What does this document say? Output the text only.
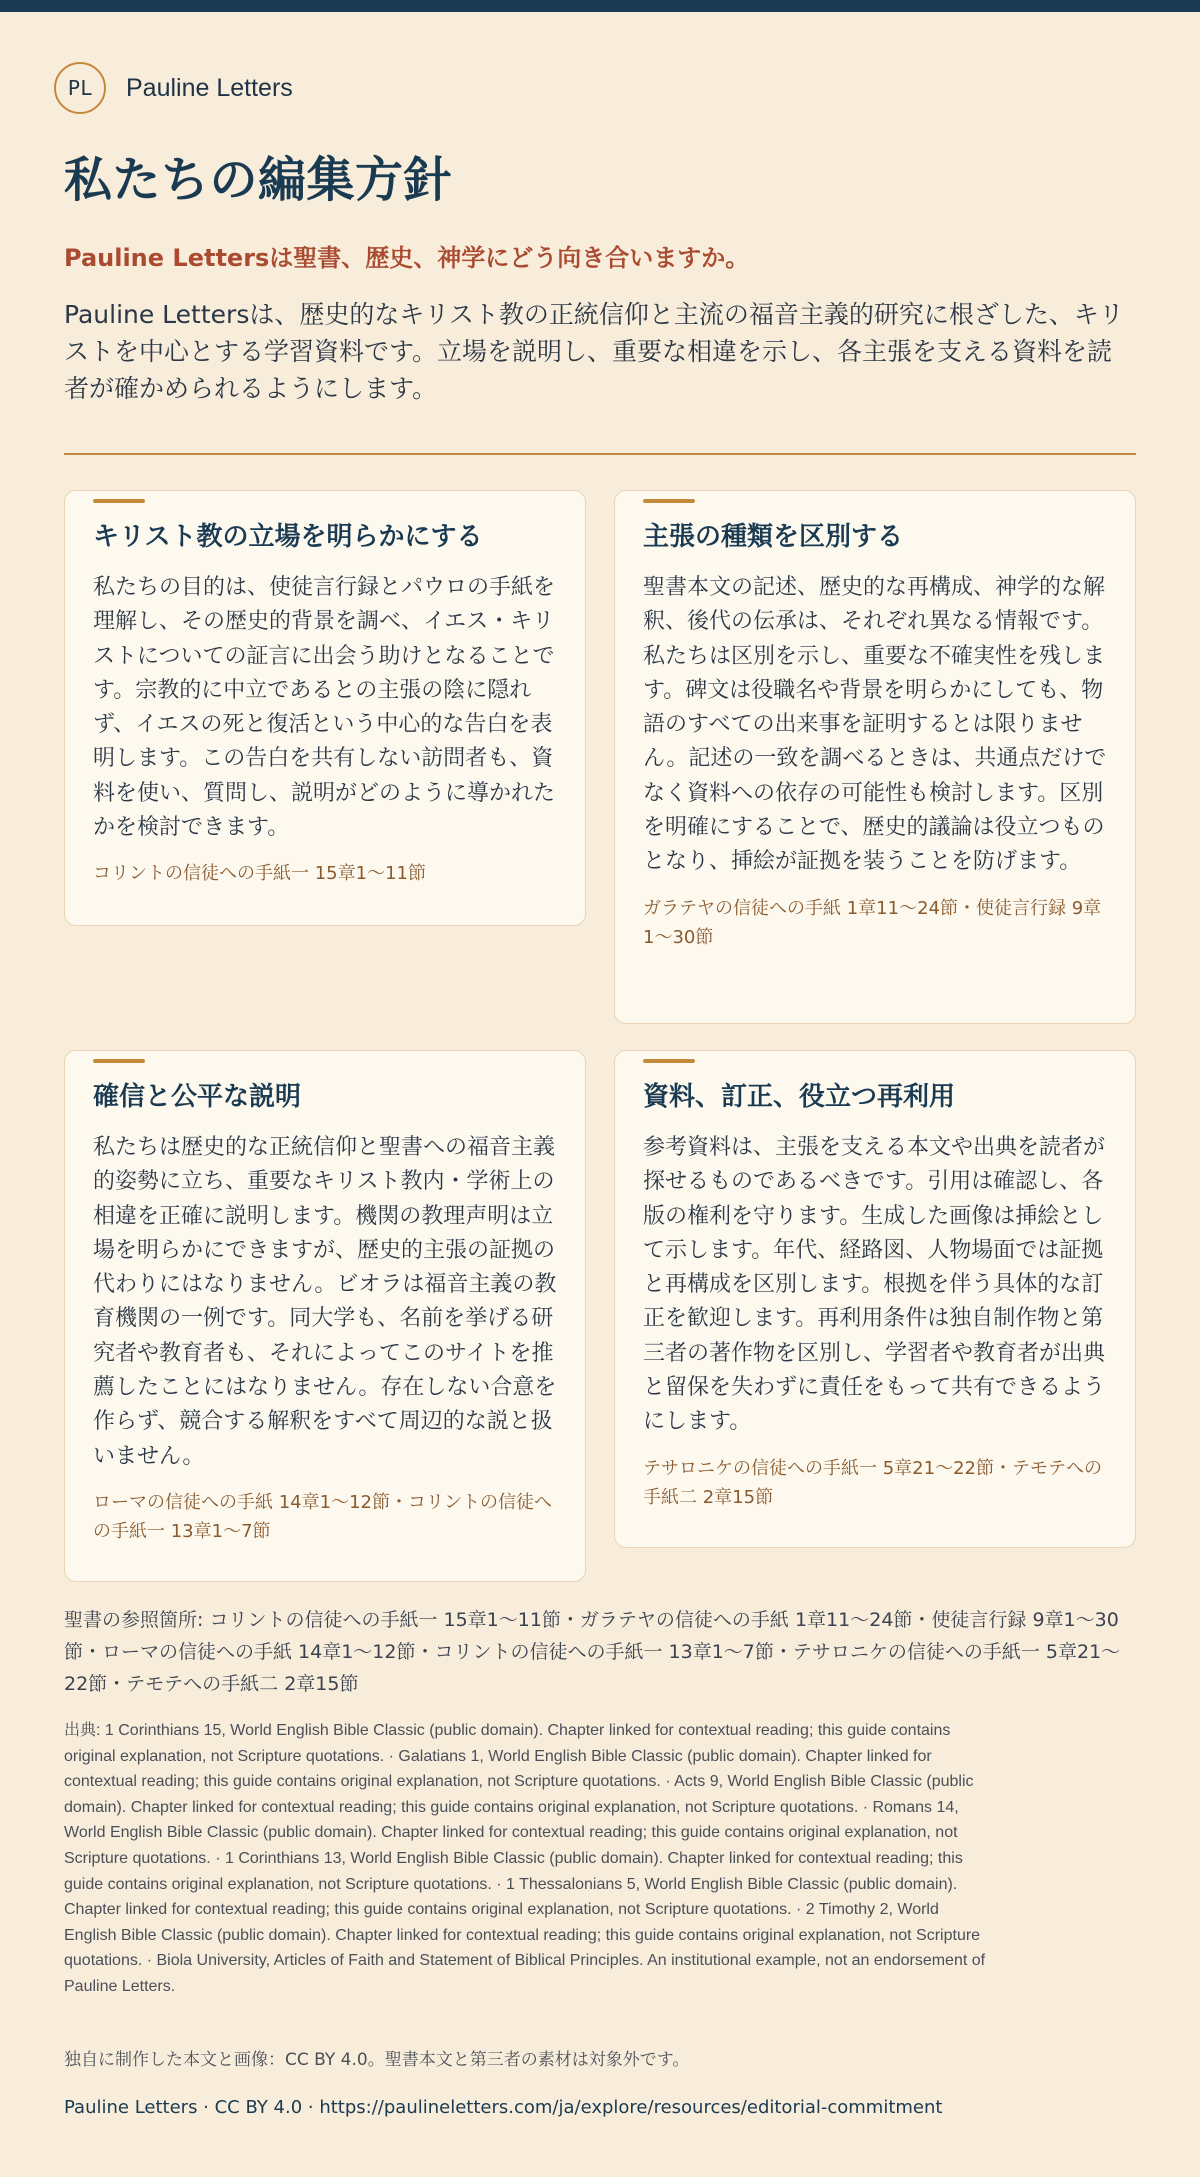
PL	Pauline Letters
私たちの編集方針
Pauline Lettersは聖書、歴史、神学にどう向き合いますか。

Pauline Lettersは、歴史的なキリスト教の正統信仰と主流の福音主義的研究に根ざした、キリストを中心とする学習資料です。立場を説明し、重要な相違を示し、各主張を支える資料を読者が確かめられるようにします。

聖書の参照箇所: コリントの信徒への手紙一 15章1〜11節・ガラテヤの信徒への手紙 1章11〜24節・使徒言行録 9章1〜30節・ローマの信徒への手紙 14章1〜12節・コリントの信徒への手紙一 13章1〜7節・テサロニケの信徒への手紙一 5章21〜22節・テモテへの手紙二 2章15節
出典: 1 Corinthians 15, World English Bible Classic (public domain). Chapter linked for contextual reading; this guide contains original explanation, not Scripture quotations. · Galatians 1, World English Bible Classic (public domain). Chapter linked for contextual reading; this guide contains original explanation, not Scripture quotations. · Acts 9, World English Bible Classic (public domain). Chapter linked for contextual reading; this guide contains original explanation, not Scripture quotations. · Romans 14, World English Bible Classic (public domain). Chapter linked for contextual reading; this guide contains original explanation, not Scripture quotations. · 1 Corinthians 13, World English Bible Classic (public domain). Chapter linked for contextual reading; this guide contains original explanation, not Scripture quotations. · 1 Thessalonians 5, World English Bible Classic (public domain). Chapter linked for contextual reading; this guide contains original explanation, not Scripture quotations. · 2 Timothy 2, World English Bible Classic (public domain). Chapter linked for contextual reading; this guide contains original explanation, not Scripture quotations. · Biola University, Articles of Faith and Statement of Biblical Principles. An institutional example, not an endorsement of Pauline Letters.
独自に制作した本文と画像：CC BY 4.0。聖書本文と第三者の素材は対象外です。
Pauline Letters · CC BY 4.0 · https://paulineletters.com/ja/explore/resources/editorial-commitment
キリスト教の立場を明らかにする

私たちの目的は、使徒言行録とパウロの手紙を理解し、その歴史的背景を調べ、イエス・キリストについての証言に出会う助けとなることです。宗教的に中立であるとの主張の陰に隠れず、イエスの死と復活という中心的な告白を表明します。この告白を共有しない訪問者も、資料を使い、質問し、説明がどのように導かれたかを検討できます。

コリントの信徒への手紙一 15章1〜11節

主張の種類を区別する

聖書本文の記述、歴史的な再構成、神学的な解釈、後代の伝承は、それぞれ異なる情報です。私たちは区別を示し、重要な不確実性を残します。碑文は役職名や背景を明らかにしても、物語のすべての出来事を証明するとは限りません。記述の一致を調べるときは、共通点だけでなく資料への依存の可能性も検討します。区別を明確にすることで、歴史的議論は役立つものとなり、挿絵が証拠を装うことを防げます。

ガラテヤの信徒への手紙 1章11〜24節・使徒言行録 9章1〜30節

確信と公平な説明

私たちは歴史的な正統信仰と聖書への福音主義的姿勢に立ち、重要なキリスト教内・学術上の相違を正確に説明します。機関の教理声明は立場を明らかにできますが、歴史的主張の証拠の代わりにはなりません。ビオラは福音主義の教育機関の一例です。同大学も、名前を挙げる研究者や教育者も、それによってこのサイトを推薦したことにはなりません。存在しない合意を作らず、競合する解釈をすべて周辺的な説と扱いません。

ローマの信徒への手紙 14章1〜12節・コリントの信徒への手紙一 13章1〜7節

資料、訂正、役立つ再利用

参考資料は、主張を支える本文や出典を読者が探せるものであるべきです。引用は確認し、各版の権利を守ります。生成した画像は挿絵として示します。年代、経路図、人物場面では証拠と再構成を区別します。根拠を伴う具体的な訂正を歓迎します。再利用条件は独自制作物と第三者の著作物を区別し、学習者や教育者が出典と留保を失わずに責任をもって共有できるようにします。

テサロニケの信徒への手紙一 5章21〜22節・テモテへの手紙二 2章15節
